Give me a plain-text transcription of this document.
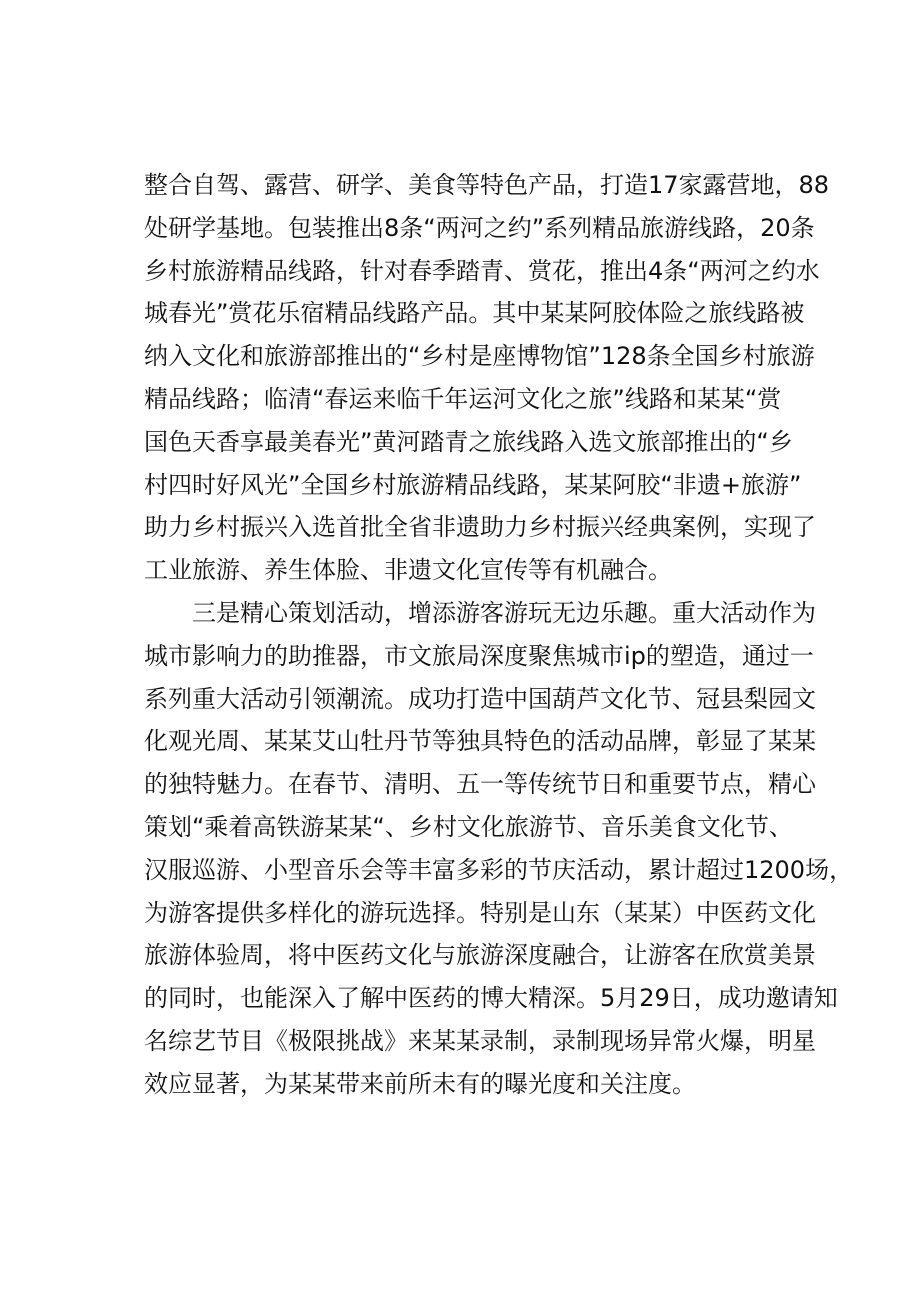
整合自驾、露营、研学、美食等特色产品，打造17家露营地，88
处研学基地。包装推出8条“两河之约”系列精品旅游线路，20条
乡村旅游精品线路，针对春季踏青、赏花，推出4条“两河之约水
城春光”赏花乐宿精品线路产品。其中某某阿胶体险之旅线路被
纳入文化和旅游部推出的“乡村是座博物馆”128条全国乡村旅游
精品线路；临清“春运来临千年运河文化之旅”线路和某某“赏
国色天香享最美春光”黄河踏青之旅线路入选文旅部推出的“乡
村四时好风光”全国乡村旅游精品线路，某某阿胶“非遗+旅游”
助力乡村振兴入选首批全省非遗助力乡村振兴经典案例，实现了
工业旅游、养生体脸、非遗文化宣传等有机融合。
　　三是精心策划活动，增添游客游玩无边乐趣。重大活动作为
城市影响力的助推器，市文旅局深度聚焦城市ip的塑造，通过一
系列重大活动引领潮流。成功打造中国葫芦文化节、冠县梨园文
化观光周、某某艾山牡丹节等独具特色的活动品牌，彰显了某某
的独特魅力。在春节、清明、五一等传统节日和重要节点，精心
策划“乘着高铁游某某“、乡村文化旅游节、音乐美食文化节、
汉服巡游、小型音乐会等丰富多彩的节庆活动，累计超过1200场，
为游客提供多样化的游玩选择。特别是山东（某某）中医药文化
旅游体验周，将中医药文化与旅游深度融合，让游客在欣赏美景
的同时，也能深入了解中医药的博大精深。5月29日，成功邀请知
名综艺节目《极限挑战》来某某录制，录制现场异常火爆，明星
效应显著，为某某带来前所未有的曝光度和关注度。
